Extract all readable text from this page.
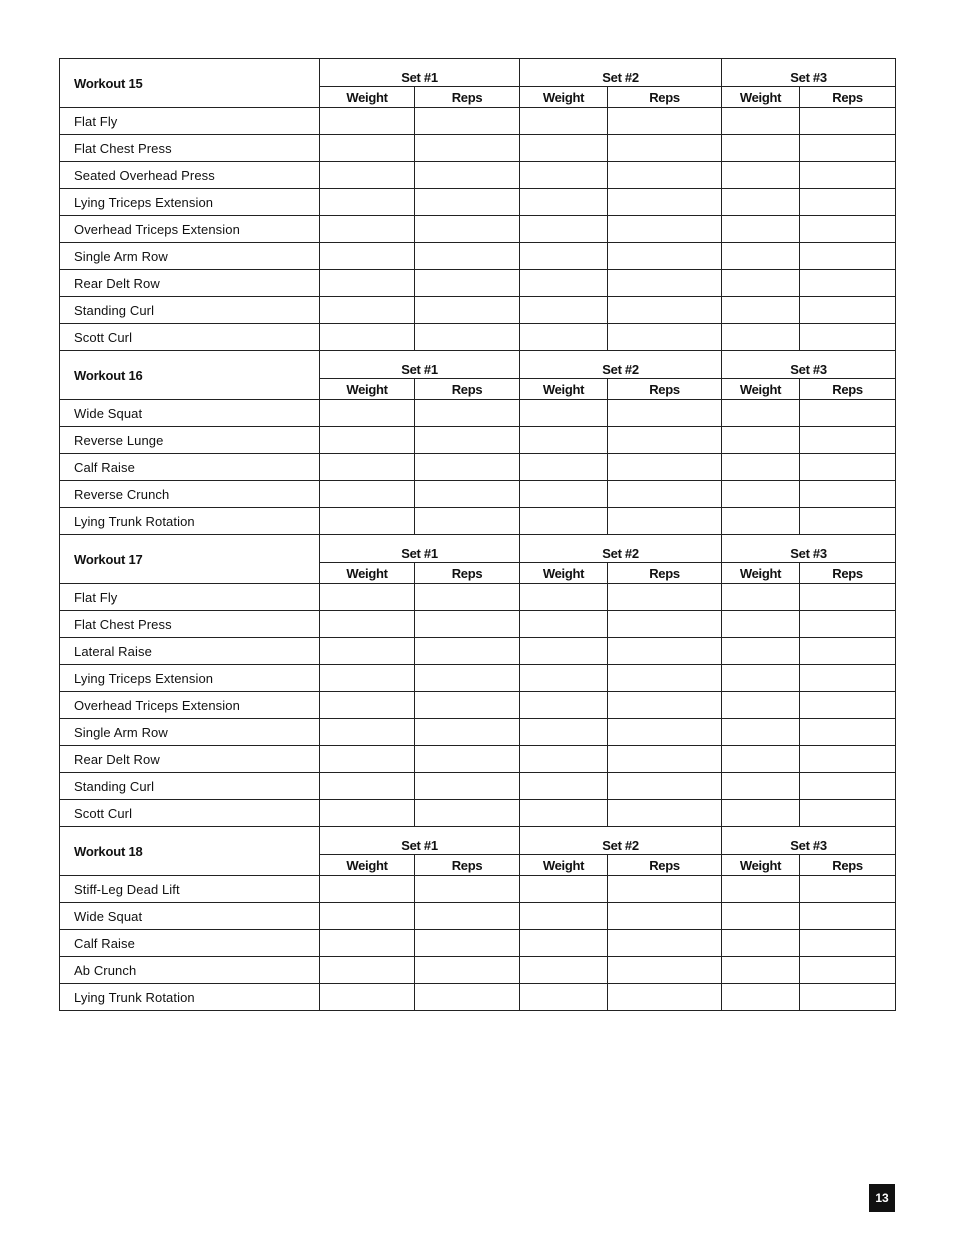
Workout 15	Set #1		Set #2		Set #3	
	Weight	Reps	Weight	Reps	Weight	Reps
Flat Fly						
Flat Chest Press						
Seated Overhead Press						
Lying Triceps Extension						
Overhead Triceps Extension						
Single Arm Row						
Rear Delt Row						
Standing Curl						
Scott Curl						
Workout 16	Set #1		Set #2		Set #3	
	Weight	Reps	Weight	Reps	Weight	Reps
Wide Squat						
Reverse Lunge						
Calf Raise						
Reverse Crunch						
Lying Trunk Rotation						
Workout 17	Set #1		Set #2		Set #3	
	Weight	Reps	Weight	Reps	Weight	Reps
Flat Fly						
Flat Chest Press						
Lateral Raise						
Lying Triceps Extension						
Overhead Triceps Extension						
Single Arm Row						
Rear Delt Row						
Standing Curl						
Scott Curl						
Workout 18	Set #1		Set #2		Set #3	
	Weight	Reps	Weight	Reps	Weight	Reps
Stiff-Leg Dead Lift						
Wide Squat						
Calf Raise						
Ab Crunch						
Lying Trunk Rotation						
13
